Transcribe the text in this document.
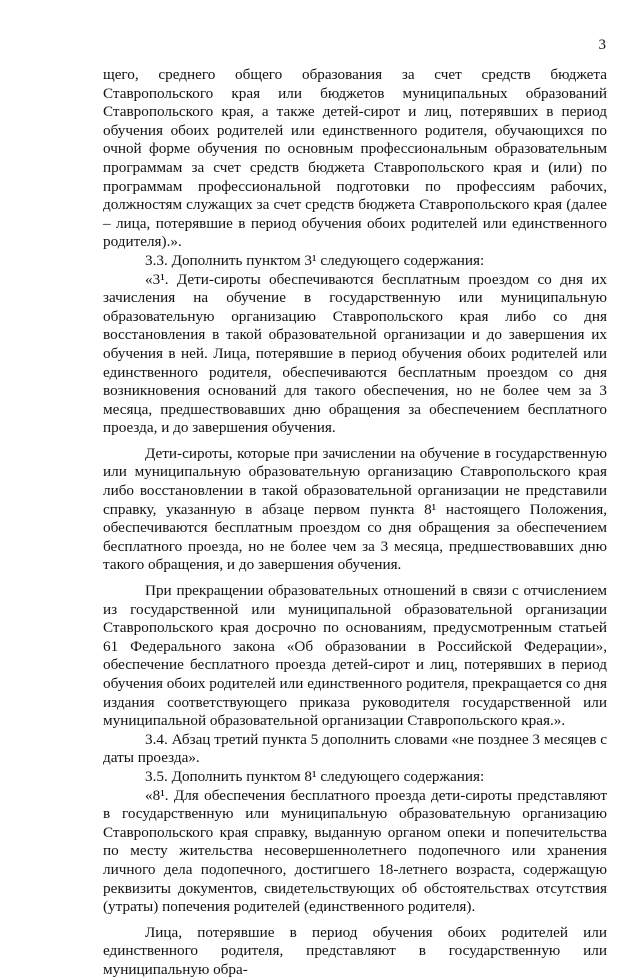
3

щего, среднего общего образования за счет средств бюджета Ставропольского края или бюджетов муниципальных образований Ставропольского края, а также детей-сирот и лиц, потерявших в период обучения обоих родителей или единственного родителя, обучающихся по очной форме обучения по основным профессиональным образовательным программам за счет средств бюджета Ставропольского края и (или) по программам профессиональной подготовки по профессиям рабочих, должностям служащих за счет средств бюджета Ставропольского края (далее – лица, потерявшие в период обучения обоих родителей или единственного родителя).».

3.3. Дополнить пунктом 3¹ следующего содержания:

«3¹. Дети-сироты обеспечиваются бесплатным проездом со дня их зачисления на обучение в государственную или муниципальную образовательную организацию Ставропольского края либо со дня восстановления в такой образовательной организации и до завершения их обучения в ней. Лица, потерявшие в период обучения обоих родителей или единственного родителя, обеспечиваются бесплатным проездом со дня возникновения оснований для такого обеспечения, но не более чем за 3 месяца, предшествовавших дню обращения за обеспечением бесплатного проезда, и до завершения обучения.

Дети-сироты, которые при зачислении на обучение в государственную или муниципальную образовательную организацию Ставропольского края либо восстановлении в такой образовательной организации не представили справку, указанную в абзаце первом пункта 8¹ настоящего Положения, обеспечиваются бесплатным проездом со дня обращения за обеспечением бесплатного проезда, но не более чем за 3 месяца, предшествовавших дню такого обращения, и до завершения обучения.

При прекращении образовательных отношений в связи с отчислением из государственной или муниципальной образовательной организации Ставропольского края досрочно по основаниям, предусмотренным статьей 61 Федерального закона «Об образовании в Российской Федерации», обеспечение бесплатного проезда детей-сирот и лиц, потерявших в период обучения обоих родителей или единственного родителя, прекращается со дня издания соответствующего приказа руководителя государственной или муниципальной образовательной организации Ставропольского края.».

3.4. Абзац третий пункта 5 дополнить словами «не позднее 3 месяцев с даты проезда».

3.5. Дополнить пунктом 8¹ следующего содержания:

«8¹. Для обеспечения бесплатного проезда дети-сироты представляют в государственную или муниципальную образовательную организацию Ставропольского края справку, выданную органом опеки и попечительства по месту жительства несовершеннолетнего подопечного или хранения личного дела подопечного, достигшего 18-летнего возраста, содержащую реквизиты документов, свидетельствующих об обстоятельствах отсутствия (утраты) попечения родителей (единственного родителя).

Лица, потерявшие в период обучения обоих родителей или единственного родителя, представляют в государственную или муниципальную обра-
